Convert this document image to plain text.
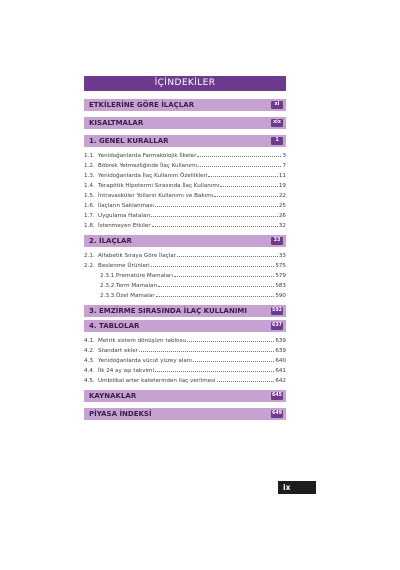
İÇİNDEKİLER
ETKİLERİNE GÖRE İLAÇLAR	xi
KISALTMALAR	xix
1. GENEL KURALLAR	1
1.1. Yenidoğanlarda Farmakolojik İlkeler	3
1.2. Böbrek Yetmezliğinde İlaç Kullanımı	7
1.3. Yenidoğanlarda İlaç Kullanım Özellikleri	11
1.4. Terapötik Hipotermi Sırasında İlaç Kullanımı	19
1.5. İntravasküler Yolların Kullanımı ve Bakımı	22
1.6. İlaçların Saklanması	25
1.7. Uygulama Hataları	26
1.8. İstenmeyen Etkiler	32
2. İLAÇLAR	33
2.1. Alfabetik Sıraya Göre İlaçlar	33
2.2. Beslenme Ürünleri	575
2.3.1. Prematüre Mamaları	579
2.3.2. Term Mamaları	583
2.3.3. Özel Mamalar	590
3. EMZİRME SIRASINDA İLAÇ KULLANIMI	592
4. TABLOLAR	637
4.1. Metrik sistem dönüşüm tablosu	639
4.2. Standart ekler	639
4.3. Yenidoğanlarda vücut yüzey alanı	640
4.4. İlk 24 ay aşı takvimi	641
4.5. Umbilikal arter kateterinden ilaç verilmesi	642
KAYNAKLAR	645
PİYASA İNDEKSİ	649
ix
